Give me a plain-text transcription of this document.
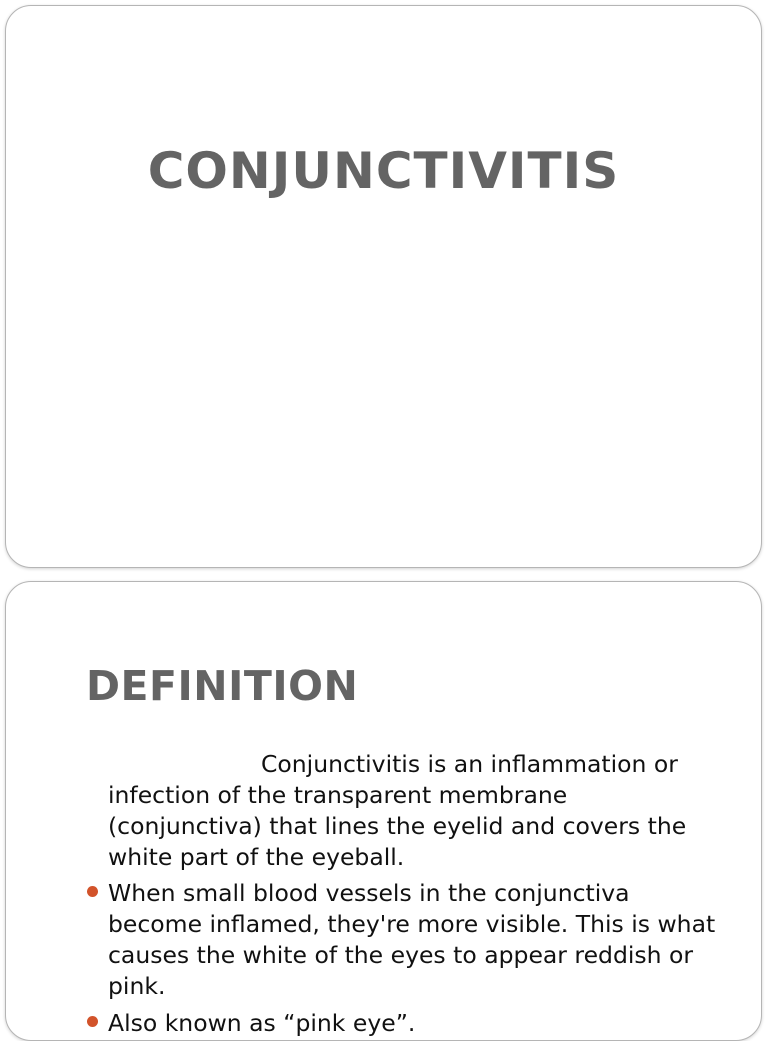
CONJUNCTIVITIS
DEFINITION

Conjunctivitis is an inflammation or infection of the transparent membrane (conjunctiva) that lines the eyelid and covers the white part of the eyeball.

When small blood vessels in the conjunctiva become inflamed, they're more visible. This is what causes the white of the eyes to appear reddish or pink.
Also known as “pink eye”.
